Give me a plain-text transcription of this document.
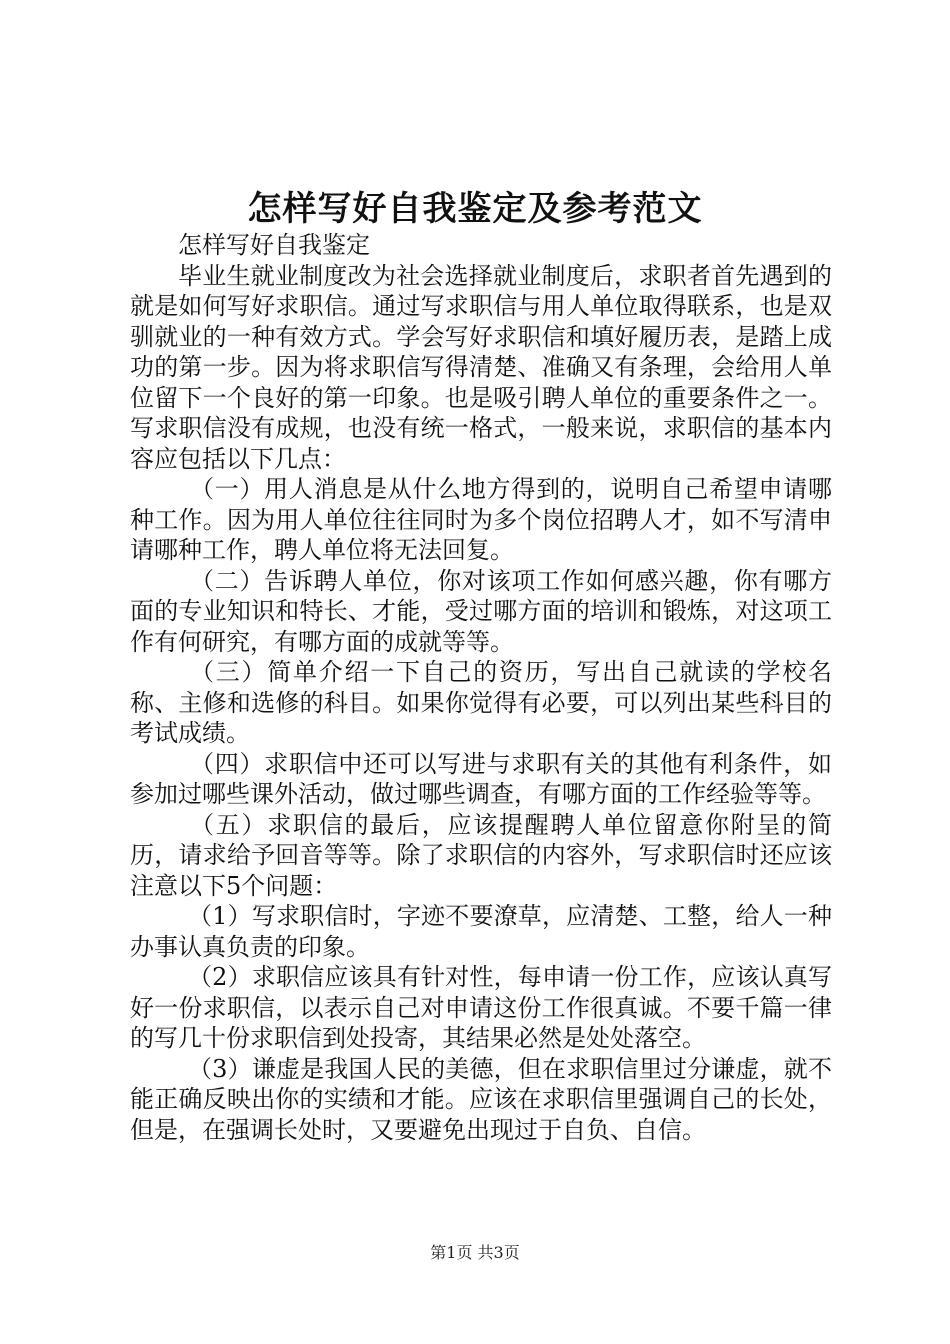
怎样写好自我鉴定及参考范文

怎样写好自我鉴定

毕业生就业制度改为社会选择就业制度后，求职者首先遇到的就是如何写好求职信。通过写求职信与用人单位取得联系，也是双驯就业的一种有效方式。学会写好求职信和填好履历表，是踏上成功的第一步。因为将求职信写得清楚、准确又有条理，会给用人单位留下一个良好的第一印象。也是吸引聘人单位的重要条件之一。写求职信没有成规，也没有统一格式，一般来说，求职信的基本内容应包括以下几点：

（一）用人消息是从什么地方得到的，说明自己希望申请哪种工作。因为用人单位往往同时为多个岗位招聘人才，如不写清申请哪种工作，聘人单位将无法回复。

（二）告诉聘人单位，你对该项工作如何感兴趣，你有哪方面的专业知识和特长、才能，受过哪方面的培训和锻炼，对这项工作有何研究，有哪方面的成就等等。

（三）简单介绍一下自己的资历，写出自己就读的学校名称、主修和选修的科目。如果你觉得有必要，可以列出某些科目的考试成绩。

（四）求职信中还可以写进与求职有关的其他有利条件，如参加过哪些课外活动，做过哪些调查，有哪方面的工作经验等等。

（五）求职信的最后，应该提醒聘人单位留意你附呈的简历，请求给予回音等等。除了求职信的内容外，写求职信时还应该注意以下5个问题：

（1）写求职信时，字迹不要潦草，应清楚、工整，给人一种办事认真负责的印象。

（2）求职信应该具有针对性，每申请一份工作，应该认真写好一份求职信，以表示自己对申请这份工作很真诚。不要千篇一律的写几十份求职信到处投寄，其结果必然是处处落空。

（3）谦虚是我国人民的美德，但在求职信里过分谦虚，就不能正确反映出你的实绩和才能。应该在求职信里强调自己的长处，但是，在强调长处时，又要避免出现过于自负、自信。

第1页 共3页
